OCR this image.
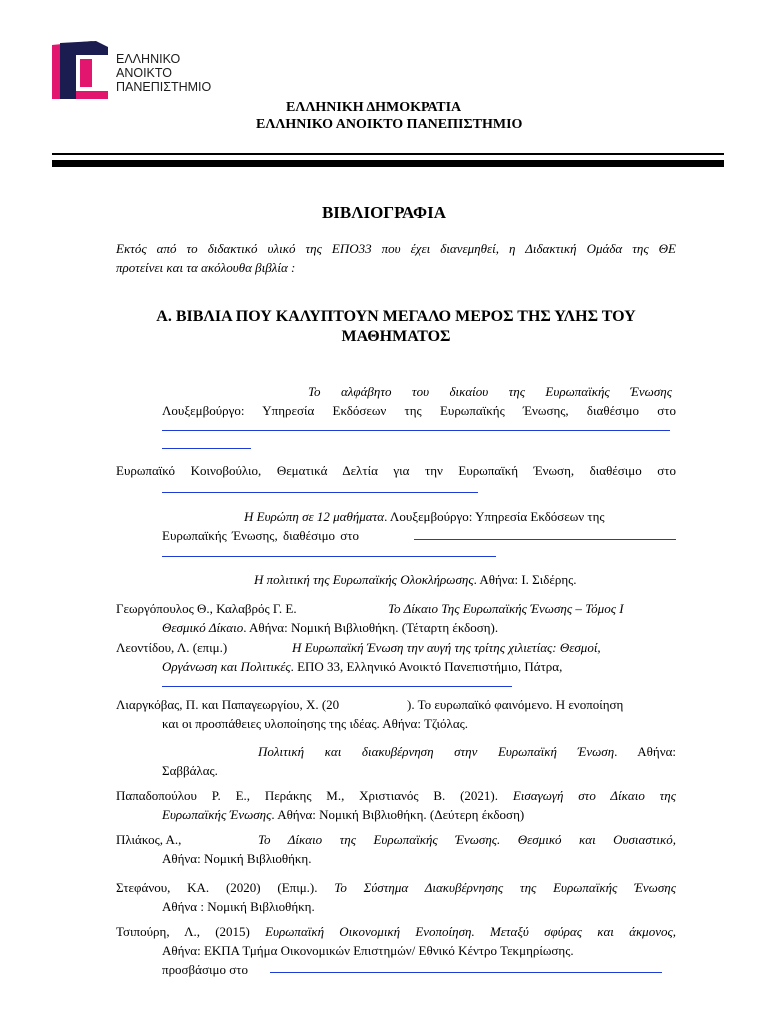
ΕΛΛΗΝΙΚΟ
ΑΝΟΙΚΤΟ
ΠΑΝΕΠΙΣΤΗΜΙΟ
ΕΛΛΗΝΙΚΗ ΔΗΜΟΚΡΑΤΙΑ
ΕΛΛΗΝΙΚΟ ΑΝΟΙΚΤΟ ΠΑΝΕΠΙΣΤΗΜΙΟ
ΒΙΒΛΙΟΓΡΑΦΙΑ
Εκτός από το διδακτικό υλικό της ΕΠΟ33 που έχει διανεμηθεί, η Διδακτική Ομάδα της ΘΕ
προτείνει και τα ακόλουθα βιβλία :
Α. ΒΙΒΛΙΑ ΠΟΥ ΚΑΛΥΠΤΟΥΝ ΜΕΓΑΛΟ ΜΕΡΟΣ ΤΗΣ ΥΛΗΣ ΤΟΥ
ΜΑΘΗΜΑΤΟΣ
Το αλφάβητο του δικαίου της Ευρωπαϊκής Ένωσης
Λουξεμβούργο: Υπηρεσία Εκδόσεων της Ευρωπαϊκής Ένωσης, διαθέσιμο στο
Ευρωπαϊκό Κοινοβούλιο, Θεματικά Δελτία για την Ευρωπαϊκή Ένωση, διαθέσιμο στο
Η Ευρώπη σε 12 μαθήματα. Λουξεμβούργο: Υπηρεσία Εκδόσεων της
Ευρωπαϊκής Ένωσης, διαθέσιμο στο
Η πολιτική της Ευρωπαϊκής Ολοκλήρωσης. Αθήνα: Ι. Σιδέρης.
Γεωργόπουλος Θ., Καλαβρός Γ. Ε.	Το Δίκαιο Της Ευρωπαϊκής Ένωσης – Τόμος Ι
Θεσμικό Δίκαιο. Αθήνα: Νομική Βιβλιοθήκη. (Τέταρτη έκδοση).
Λεοντίδου, Λ. (επιμ.)	Η Ευρωπαϊκή Ένωση την αυγή της τρίτης χιλιετίας: Θεσμοί,
Οργάνωση και Πολιτικές. ΕΠΟ 33, Ελληνικό Ανοικτό Πανεπιστήμιο, Πάτρα,
Λιαργκόβας, Π. και Παπαγεωργίου, Χ. (20	). Το ευρωπαϊκό φαινόμενο. Η ενοποίηση
και οι προσπάθειες υλοποίησης της ιδέας. Αθήνα: Τζιόλας.
Πολιτική και διακυβέρνηση στην Ευρωπαϊκή Ένωση. Αθήνα:
Σαββάλας.
Παπαδοπούλου Ρ. Ε., Περάκης Μ., Χριστιανός Β. (2021). Εισαγωγή στο Δίκαιο της
Ευρωπαϊκής Ένωσης. Αθήνα: Νομική Βιβλιοθήκη. (Δεύτερη έκδοση)
Πλιάκος, Α.,	Το Δίκαιο της Ευρωπαϊκής Ένωσης. Θεσμικό και Ουσιαστικό,
Αθήνα: Νομική Βιβλιοθήκη.
Στεφάνου, ΚΑ. (2020) (Επιμ.). Το Σύστημα Διακυβέρνησης της Ευρωπαϊκής Ένωσης
Αθήνα : Νομική Βιβλιοθήκη.
Τσιπούρη, Λ., (2015) Ευρωπαϊκή Οικονομική Ενοποίηση. Μεταξύ σφύρας και άκμονος,
Αθήνα: ΕΚΠΑ Τμήμα Οικονομικών Επιστημών/ Εθνικό Κέντρο Τεκμηρίωσης.
προσβάσιμο στο
